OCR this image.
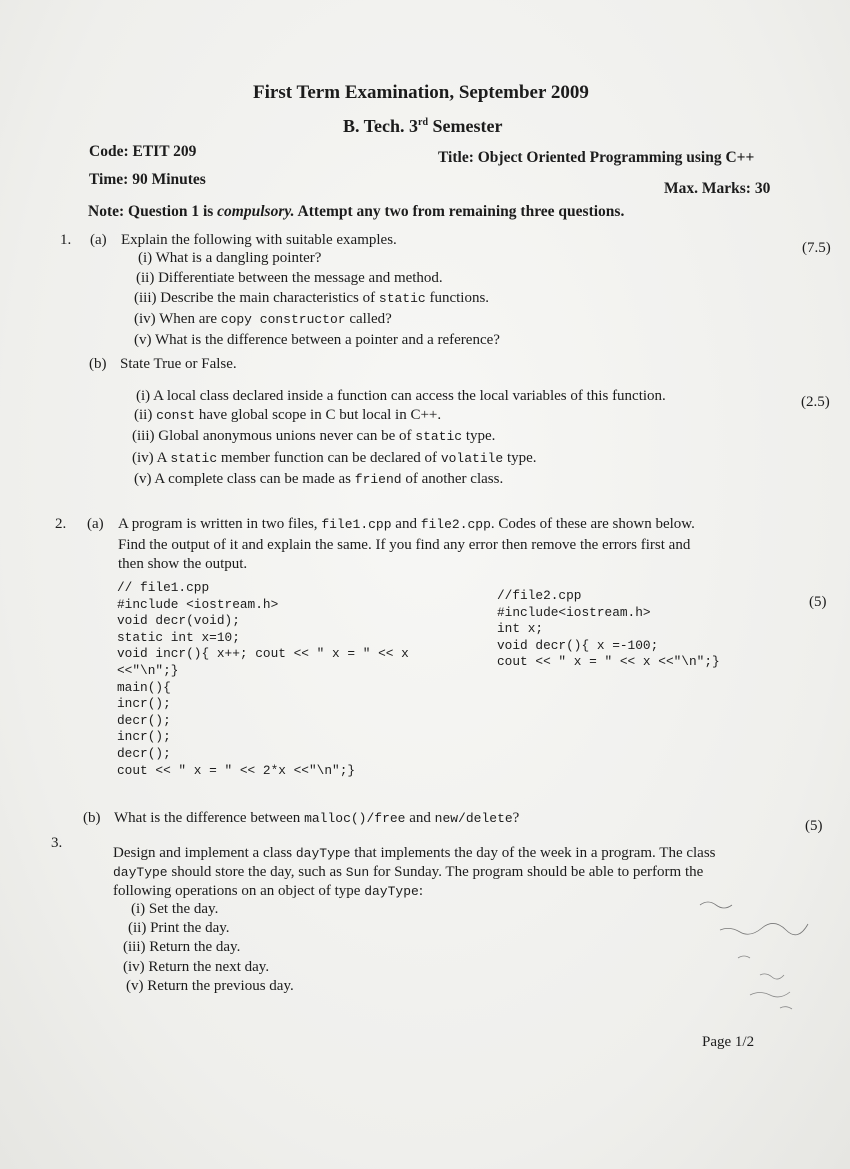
First Term Examination, September 2009
B. Tech. 3rd Semester
Code: ETIT 209	Title: Object Oriented Programming using C++
Time: 90 Minutes
Max. Marks: 30
Note: Question 1 is compulsory. Attempt any two from remaining three questions.
1. (a) Explain the following with suitable examples.	(7.5)
(i) What is a dangling pointer?
(ii) Differentiate between the message and method.
(iii) Describe the main characteristics of static functions.
(iv) When are copy constructor called?
(v) What is the difference between a pointer and a reference?
(b) State True or False.
(2.5)
(i) A local class declared inside a function can access the local variables of this function.
(ii) const have global scope in C but local in C++.
(iii) Global anonymous unions never can be of static type.
(iv) A static member function can be declared of volatile type.
(v) A complete class can be made as friend of another class.
2. (a) A program is written in two files, file1.cpp and file2.cpp. Codes of these are shown below.
Find the output of it and explain the same. If you find any error then remove the errors first and
then show the output.
(5)
// file1.cpp
#include <iostream.h>
void decr(void);
static int x=10;
void incr(){ x++; cout << " x = " << x
<<"\n";}
main(){
incr();
decr();
incr();
decr();
cout << " x = " << 2*x <<"\n";}
//file2.cpp
#include<iostream.h>
int x;
void decr(){ x =-100;
cout << " x = " << x <<"\n";}
(b) What is the difference between malloc()/free and new/delete?
3.
(5)
Design and implement a class dayType that implements the day of the week in a program. The class
dayType should store the day, such as Sun for Sunday. The program should be able to perform the
following operations on an object of type dayType:
(i) Set the day.
(ii) Print the day.
(iii) Return the day.
(iv) Return the next day.
(v) Return the previous day.
Page 1/2
